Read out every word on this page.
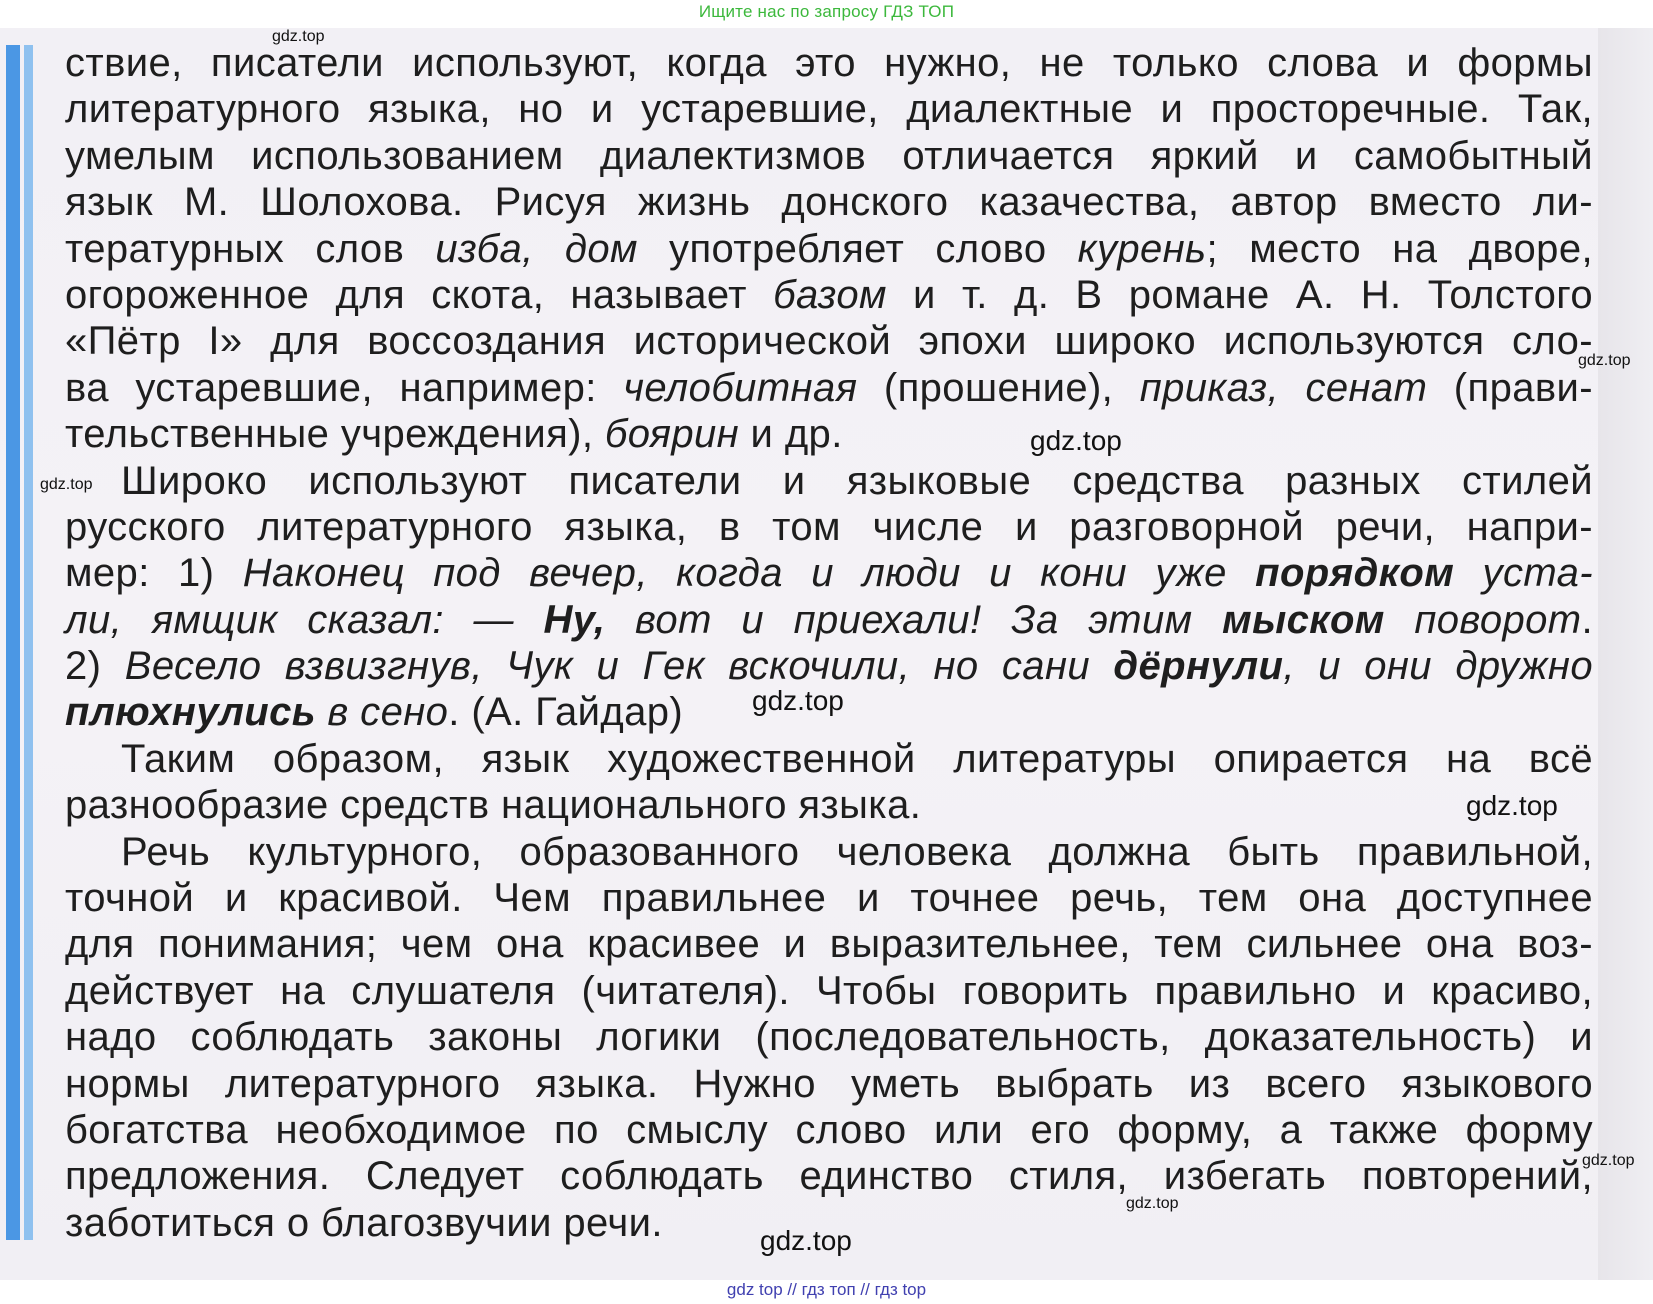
Ищите нас по запросу ГДЗ ТОП
ствие, писатели используют, когда это нужно, не только слова и формы
литературного языка, но и устаревшие, диалектные и просторечные. Так,
умелым использованием диалектизмов отличается яркий и самобытный
язык М. Шолохова. Рисуя жизнь донского казачества, автор вместо ли-
тературных слов изба, дом употребляет слово курень; место на дворе,
огороженное для скота, называет базом и т. д. В романе А. Н. Толстого
«Пётр I» для воссоздания исторической эпохи широко используются сло-
ва устаревшие, например: челобитная (прошение), приказ, сенат (прави-
тельственные учреждения), боярин и др.
Широко используют писатели и языковые средства разных стилей
русского литературного языка, в том числе и разговорной речи, напри-
мер: 1) Наконец под вечер, когда и люди и кони уже порядком уста-
ли, ямщик сказал: — Ну, вот и приехали! За этим мыском поворот.
2) Весело взвизгнув, Чук и Гек вскочили, но сани дёрнули, и они дружно
плюхнулись в сено. (А. Гайдар)
Таким образом, язык художественной литературы опирается на всё
разнообразие средств национального языка.
Речь культурного, образованного человека должна быть правильной,
точной и красивой. Чем правильнее и точнее речь, тем она доступнее
для понимания; чем она красивее и выразительнее, тем сильнее она воз-
действует на слушателя (читателя). Чтобы говорить правильно и красиво,
надо соблюдать законы логики (последовательность, доказательность) и
нормы литературного языка. Нужно уметь выбрать из всего языкового
богатства необходимое по смыслу слово или его форму, а также форму
предложения. Следует соблюдать единство стиля, избегать повторений,
заботиться о благозвучии речи.
gdz.top
gdz.top
gdz.top
gdz.top
gdz.top
gdz.top
gdz.top
gdz.top
gdz.top
gdz top // гдз топ // гдз top
